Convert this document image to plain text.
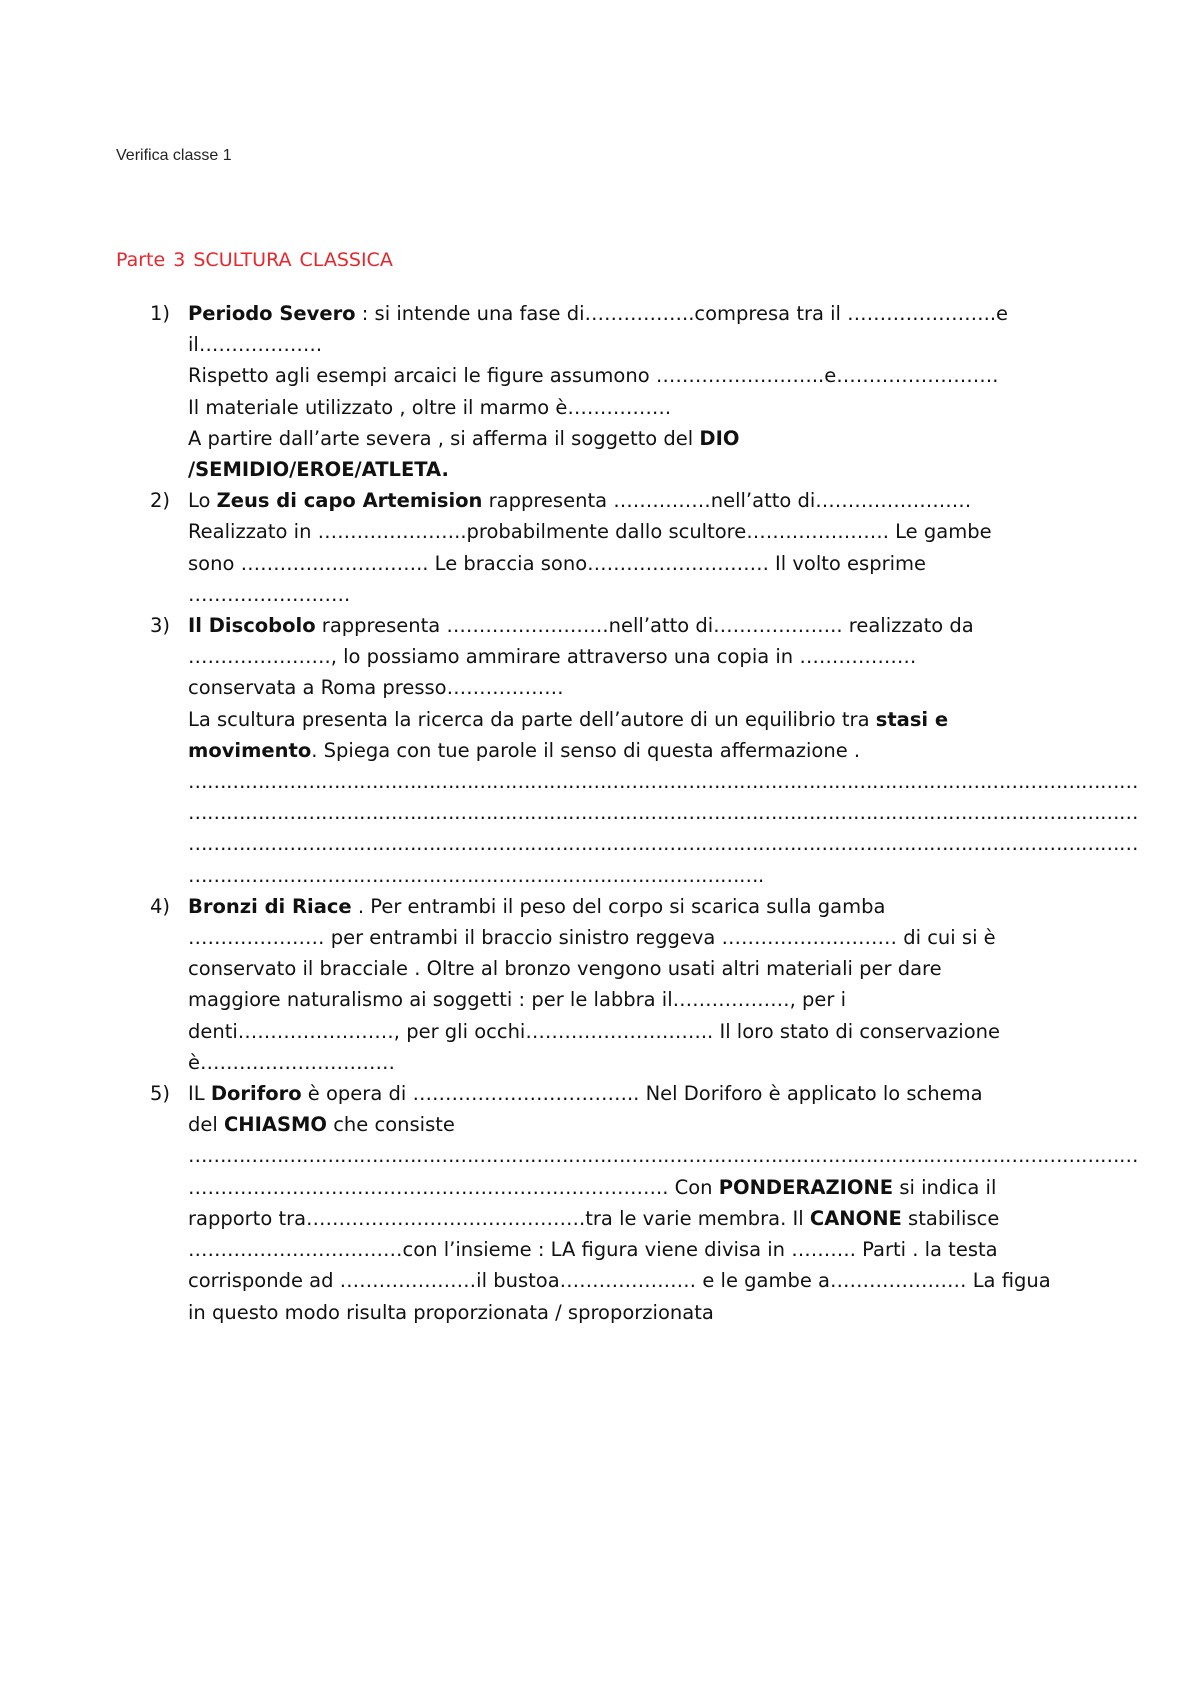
Verifica classe 1
Parte 3 SCULTURA CLASSICA
1) Periodo Severo : si intende una fase di……………..compresa tra il …………………..e
il……………….
Rispetto agli esempi arcaici le figure assumono ……………………..e…………………….
Il materiale utilizzato , oltre il marmo è…………….
A partire dall’arte severa , si afferma il soggetto del DIO
/SEMIDIO/EROE/ATLETA.
2) Lo Zeus di capo Artemision rappresenta ……………nell’atto di……………………
Realizzato in …………………..probabilmente dallo scultore…………………. Le gambe
sono ……………………….. Le braccia sono………………………. Il volto esprime
…………………….
3) Il Discobolo rappresenta …………………….nell’atto di……………….. realizzato da
…………………., lo possiamo ammirare attraverso una copia in ………………
conservata a Roma presso………………
La scultura presenta la ricerca da parte dell’autore di un equilibrio tra stasi e
movimento. Spiega con tue parole il senso di questa affermazione .
……………………………………………………………………………………………………………………………………
……………………………………………………………………………………………………………………………………
……………………………………………………………………………………………………………………………………
……………………………………………………………………………….
4) Bronzi di Riace . Per entrambi il peso del corpo si scarica sulla gamba
………………… per entrambi il braccio sinistro reggeva ……………………… di cui si è
conservato il bracciale . Oltre al bronzo vengono usati altri materiali per dare
maggiore naturalismo ai soggetti : per le labbra il………………, per i
denti……………………, per gli occhi……………………….. Il loro stato di conservazione
è…………………………
5) IL Doriforo è opera di …………………………….. Nel Doriforo è applicato lo schema
del CHIASMO che consiste
……………………………………………………………………………………………………………………………………
……………………………………………………………….. Con PONDERAZIONE si indica il
rapporto tra…………………………………….tra le varie membra. Il CANONE stabilisce
……………………………con l’insieme : LA figura viene divisa in ………. Parti . la testa
corrisponde ad …………………il bustoa………………… e le gambe a………………… La figua
in questo modo risulta proporzionata / sproporzionata
